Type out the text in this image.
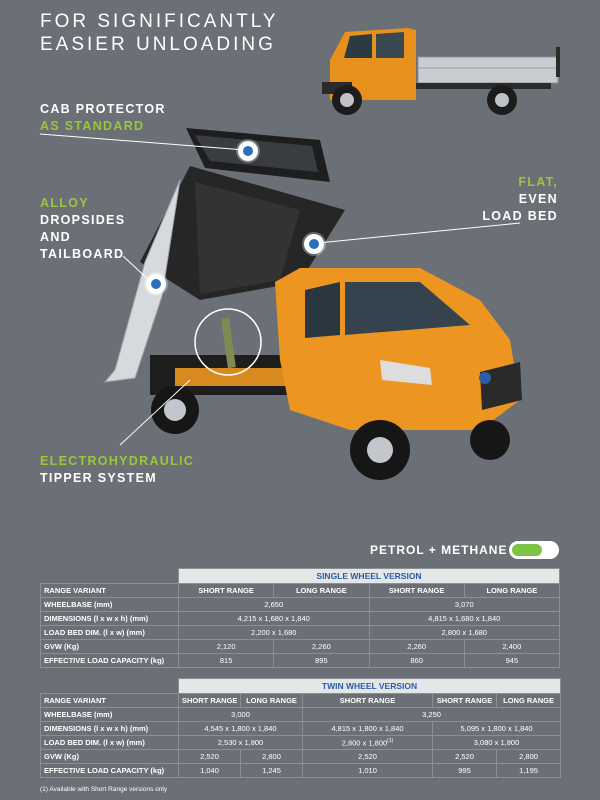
FOR SIGNIFICANTLY
EASIER UNLOADING
CAB PROTECTOR
AS STANDARD
ALLOY
DROPSIDES
AND
TAILBOARD
FLAT,
EVEN
LOAD BED
ELECTROHYDRAULIC
TIPPER SYSTEM
PETROL + METHANE
	SINGLE WHEEL VERSION			
RANGE VARIANT	SHORT RANGE	LONG RANGE	SHORT RANGE	LONG RANGE
WHEELBASE (mm)	2,650		3,070	
DIMENSIONS (l x w x h) (mm)	4,215 x 1,680 x 1,840		4,815 x 1,680 x 1,840	
LOAD BED DIM. (l x w) (mm)	2,200 x 1,680		2,800 x 1,680	
GVW (Kg)	2,120	2,260	2,260	2,400
EFFECTIVE LOAD CAPACITY (kg)	815	895	860	945
	TWIN WHEEL VERSION				
RANGE VARIANT	SHORT RANGE	LONG RANGE	SHORT RANGE	SHORT RANGE	LONG RANGE
WHEELBASE (mm)	3,000		3,250		
DIMENSIONS (l x w x h) (mm)	4,545 x 1,800 x 1,840		4,815 x 1,800 x 1,840	5,095 x 1,800 x 1,840	
LOAD BED DIM. (l x w) (mm)	2,530 x 1,800		2,800 x 1,800$^{(1)}$	3,080 x 1,800	
GVW (Kg)	2,520	2,800	2,520	2,520	2,800
EFFECTIVE LOAD CAPACITY (kg)	1,040	1,245	1,010	995	1,195
(1) Available with Short Range versions only
